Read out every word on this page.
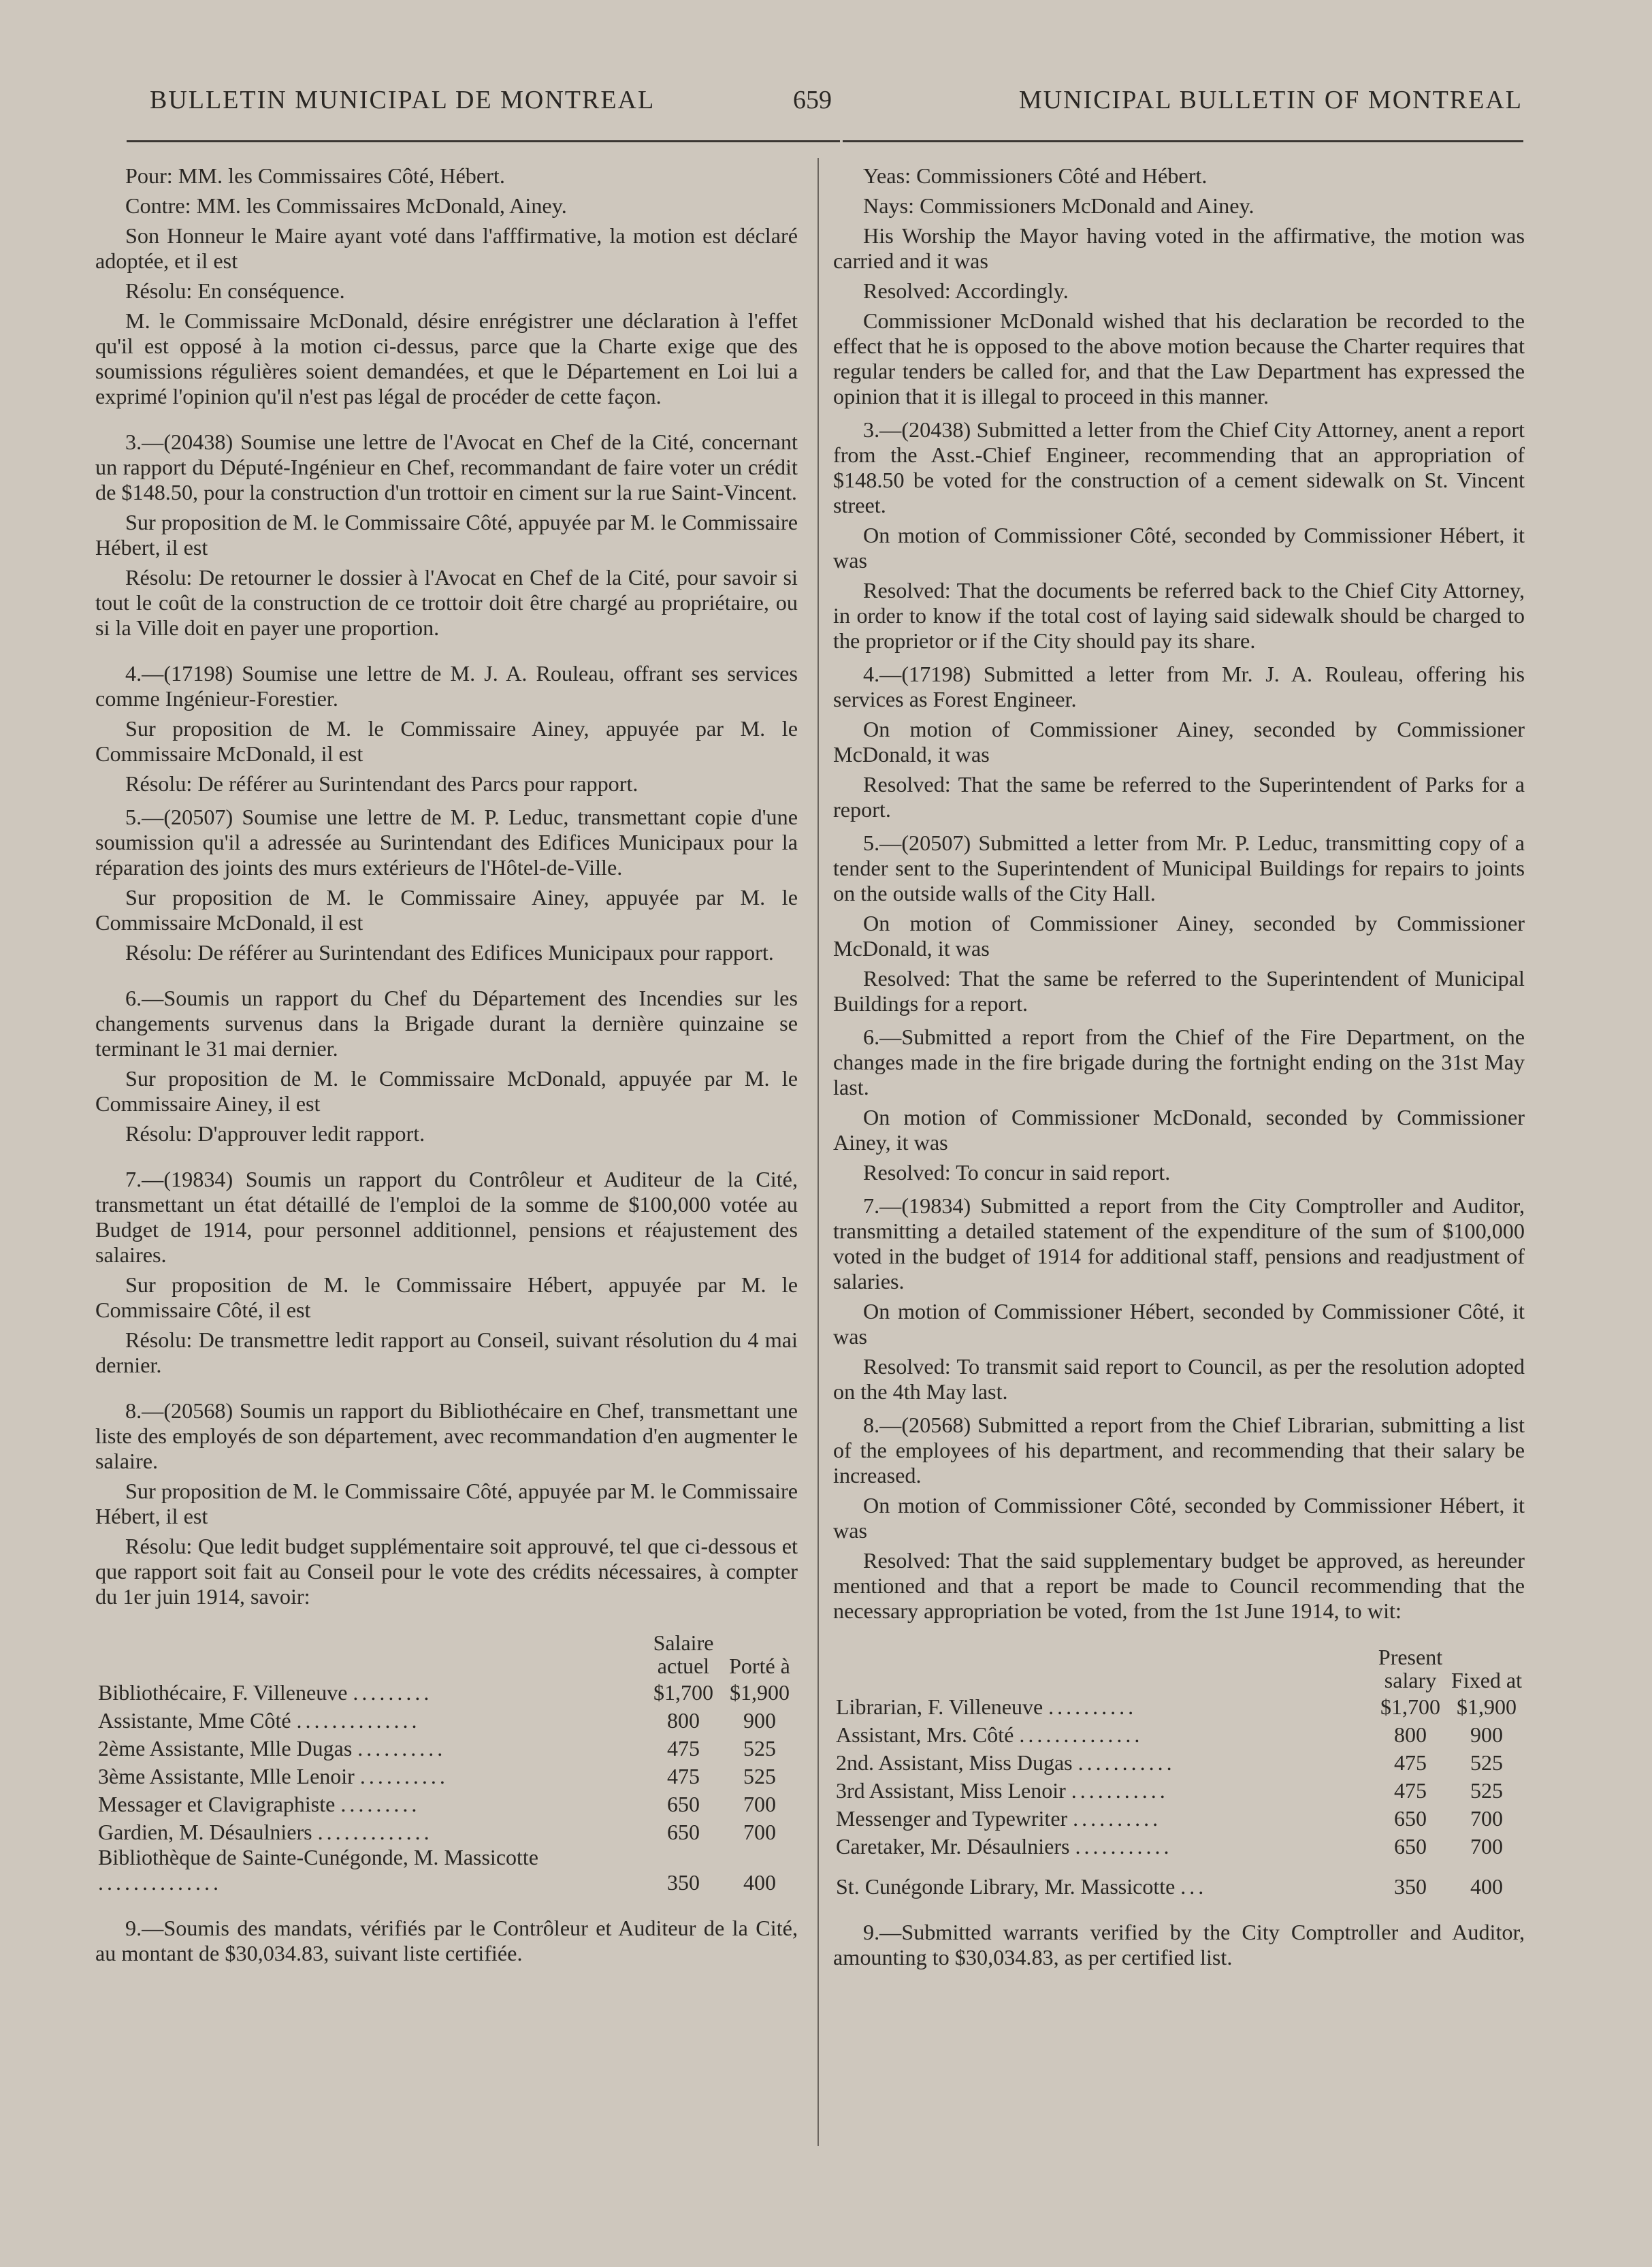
BULLETIN MUNICIPAL DE MONTREAL	659	MUNICIPAL BULLETIN OF MONTREAL

Pour: MM. les Commissaires Côté, Hébert.

Contre: MM. les Commissaires McDonald, Ainey.

Son Honneur le Maire ayant voté dans l'afffirmative, la motion est déclaré adoptée, et il est

Résolu: En conséquence.

M. le Commissaire McDonald, désire enrégistrer une déclaration à l'effet qu'il est opposé à la motion ci-dessus, parce que la Charte exige que des soumissions régulières soient demandées, et que le Département en Loi lui a exprimé l'opinion qu'il n'est pas légal de procéder de cette façon.

3.—(20438) Soumise une lettre de l'Avocat en Chef de la Cité, concernant un rapport du Député-Ingénieur en Chef, recommandant de faire voter un crédit de $148.50, pour la construction d'un trottoir en ciment sur la rue Saint-Vincent.

Sur proposition de M. le Commissaire Côté, appuyée par M. le Commissaire Hébert, il est

Résolu: De retourner le dossier à l'Avocat en Chef de la Cité, pour savoir si tout le coût de la construction de ce trottoir doit être chargé au propriétaire, ou si la Ville doit en payer une proportion.

4.—(17198) Soumise une lettre de M. J. A. Rouleau, offrant ses services comme Ingénieur-Forestier.

Sur proposition de M. le Commissaire Ainey, appuyée par M. le Commissaire McDonald, il est

Résolu: De référer au Surintendant des Parcs pour rapport.

5.—(20507) Soumise une lettre de M. P. Leduc, transmettant copie d'une soumission qu'il a adressée au Surintendant des Edifices Municipaux pour la réparation des joints des murs extérieurs de l'Hôtel-de-Ville.

Sur proposition de M. le Commissaire Ainey, appuyée par M. le Commissaire McDonald, il est

Résolu: De référer au Surintendant des Edifices Municipaux pour rapport.

6.—Soumis un rapport du Chef du Département des Incendies sur les changements survenus dans la Brigade durant la dernière quinzaine se terminant le 31 mai dernier.

Sur proposition de M. le Commissaire McDonald, appuyée par M. le Commissaire Ainey, il est

Résolu: D'approuver ledit rapport.

7.—(19834) Soumis un rapport du Contrôleur et Auditeur de la Cité, transmettant un état détaillé de l'emploi de la somme de $100,000 votée au Budget de 1914, pour personnel additionnel, pensions et réajustement des salaires.

Sur proposition de M. le Commissaire Hébert, appuyée par M. le Commissaire Côté, il est

Résolu: De transmettre ledit rapport au Conseil, suivant résolution du 4 mai dernier.

8.—(20568) Soumis un rapport du Bibliothécaire en Chef, transmettant une liste des employés de son département, avec recommandation d'en augmenter le salaire.

Sur proposition de M. le Commissaire Côté, appuyée par M. le Commissaire Hébert, il est

Résolu: Que ledit budget supplémentaire soit approuvé, tel que ci-dessous et que rapport soit fait au Conseil pour le vote des crédits nécessaires, à compter du 1er juin 1914, savoir:

	Salaire actuel	Porté à
Bibliothécaire, F. Villeneuve .........	$1,700	$1,900
Assistante, Mme Côté ..............	800	900
2ème Assistante, Mlle Dugas ..........	475	525
3ème Assistante, Mlle Lenoir ..........	475	525
Messager et Clavigraphiste .........	650	700
Gardien, M. Désaulniers .............	650	700
Bibliothèque de Sainte-Cunégonde, M. Massicotte ..............	350	400

9.—Soumis des mandats, vérifiés par le Contrôleur et Auditeur de la Cité, au montant de $30,034.83, suivant liste certifiée.

Yeas: Commissioners Côté and Hébert.

Nays: Commissioners McDonald and Ainey.

His Worship the Mayor having voted in the affirmative, the motion was carried and it was

Resolved: Accordingly.

Commissioner McDonald wished that his declaration be recorded to the effect that he is opposed to the above motion because the Charter requires that regular tenders be called for, and that the Law Department has expressed the opinion that it is illegal to proceed in this manner.

3.—(20438) Submitted a letter from the Chief City Attorney, anent a report from the Asst.-Chief Engineer, recommending that an appropriation of $148.50 be voted for the construction of a cement sidewalk on St. Vincent street.

On motion of Commissioner Côté, seconded by Commissioner Hébert, it was

Resolved: That the documents be referred back to the Chief City Attorney, in order to know if the total cost of laying said sidewalk should be charged to the proprietor or if the City should pay its share.

4.—(17198) Submitted a letter from Mr. J. A. Rouleau, offering his services as Forest Engineer.

On motion of Commissioner Ainey, seconded by Commissioner McDonald, it was

Resolved: That the same be referred to the Superintendent of Parks for a report.

5.—(20507) Submitted a letter from Mr. P. Leduc, transmitting copy of a tender sent to the Superintendent of Municipal Buildings for repairs to joints on the outside walls of the City Hall.

On motion of Commissioner Ainey, seconded by Commissioner McDonald, it was

Resolved: That the same be referred to the Superintendent of Municipal Buildings for a report.

6.—Submitted a report from the Chief of the Fire Department, on the changes made in the fire brigade during the fortnight ending on the 31st May last.

On motion of Commissioner McDonald, seconded by Commissioner Ainey, it was

Resolved: To concur in said report.

7.—(19834) Submitted a report from the City Comptroller and Auditor, transmitting a detailed statement of the expenditure of the sum of $100,000 voted in the budget of 1914 for additional staff, pensions and readjustment of salaries.

On motion of Commissioner Hébert, seconded by Commissioner Côté, it was

Resolved: To transmit said report to Council, as per the resolution adopted on the 4th May last.

8.—(20568) Submitted a report from the Chief Librarian, submitting a list of the employees of his department, and recommending that their salary be increased.

On motion of Commissioner Côté, seconded by Commissioner Hébert, it was

Resolved: That the said supplementary budget be approved, as hereunder mentioned and that a report be made to Council recommending that the necessary appropriation be voted, from the 1st June 1914, to wit:

	Present salary	Fixed at
Librarian, F. Villeneuve ..........	$1,700	$1,900
Assistant, Mrs. Côté ..............	800	900
2nd. Assistant, Miss Dugas ...........	475	525
3rd Assistant, Miss Lenoir ...........	475	525
Messenger and Typewriter ..........	650	700
Caretaker, Mr. Désaulniers ...........	650	700
St. Cunégonde Library, Mr. Massicotte ...	350	400

9.—Submitted warrants verified by the City Comptroller and Auditor, amounting to $30,034.83, as per certified list.
